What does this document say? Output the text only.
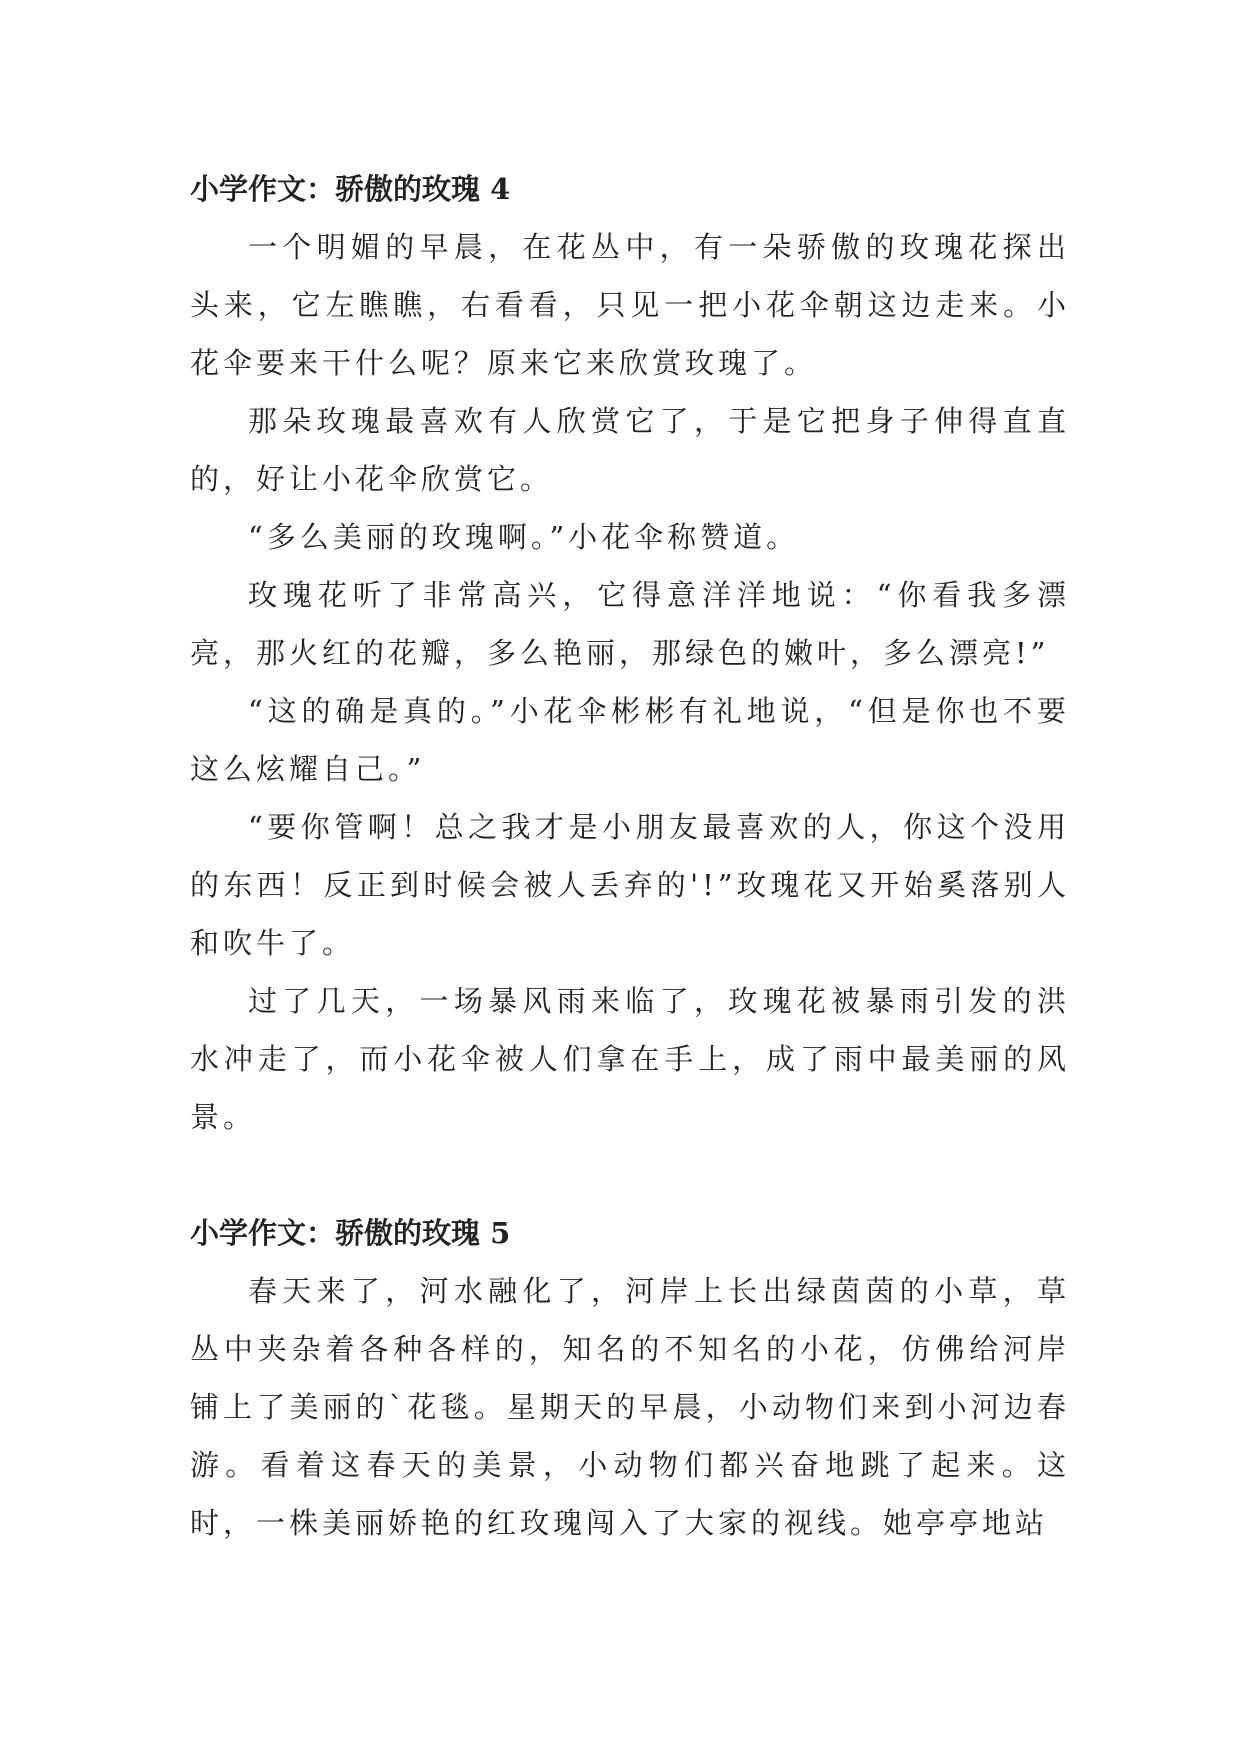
小学作文：骄傲的玫瑰 4

一个明媚的早晨，在花丛中，有一朵骄傲的玫瑰花探出头来，它左瞧瞧，右看看，只见一把小花伞朝这边走来。小花伞要来干什么呢？原来它来欣赏玫瑰了。

那朵玫瑰最喜欢有人欣赏它了，于是它把身子伸得直直的，好让小花伞欣赏它。

“多么美丽的玫瑰啊。”小花伞称赞道。

玫瑰花听了非常高兴，它得意洋洋地说：“你看我多漂亮，那火红的花瓣，多么艳丽，那绿色的嫩叶，多么漂亮!”

“这的确是真的。”小花伞彬彬有礼地说，“但是你也不要这么炫耀自己。”

“要你管啊！总之我才是小朋友最喜欢的人，你这个没用的东西！反正到时候会被人丢弃的'!”玫瑰花又开始奚落别人和吹牛了。

过了几天，一场暴风雨来临了，玫瑰花被暴雨引发的洪水冲走了，而小花伞被人们拿在手上，成了雨中最美丽的风景。

小学作文：骄傲的玫瑰 5

春天来了，河水融化了，河岸上长出绿茵茵的小草，草丛中夹杂着各种各样的，知名的不知名的小花，仿佛给河岸铺上了美丽的`花毯。星期天的早晨，小动物们来到小河边春游。看着这春天的美景，小动物们都兴奋地跳了起来。这时，一株美丽娇艳的红玫瑰闯入了大家的视线。她亭亭地站
